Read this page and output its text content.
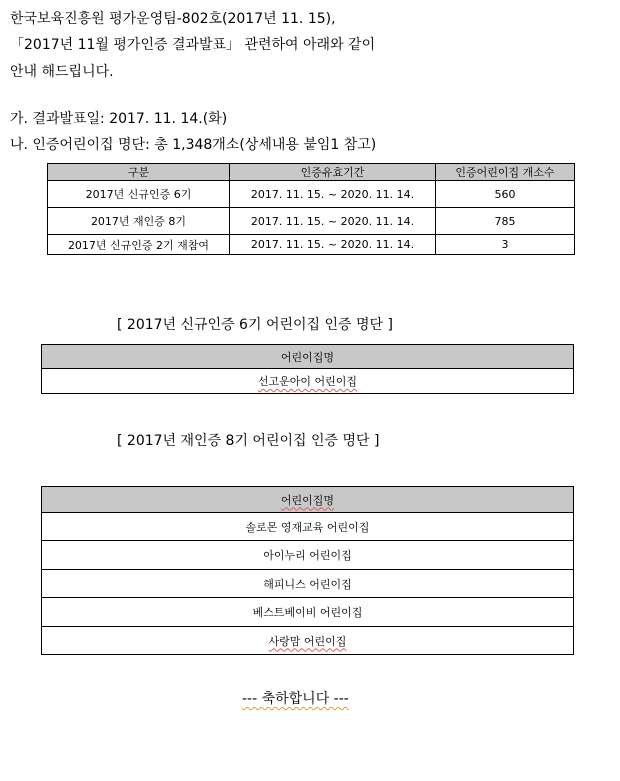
한국보육진흥원 평가운영팀-802호(2017년 11. 15),
「2017년 11월 평가인증 결과발표」 관련하여 아래와 같이
안내 해드립니다.
가. 결과발표일: 2017. 11. 14.(화)
나. 인증어린이집 명단: 총 1,348개소(상세내용 붙임1 참고)
구분	인증유효기간	인증어린이집 개소수
2017년 신규인증 6기	2017. 11. 15. ~ 2020. 11. 14.	560
2017년 재인증 8기	2017. 11. 15. ~ 2020. 11. 14.	785
2017년 신규인증 2기 재참여	2017. 11. 15. ~ 2020. 11. 14.	3
[ 2017년 신규인증 6기 어린이집 인증 명단 ]
어린이집명
선고운아이 어린이집
[ 2017년 재인증 8기 어린이집 인증 명단 ]
어린이집명
솔로몬 영재교육 어린이집
아이누리 어린이집
해피니스 어린이집
베스트베이비 어린이집
사랑맘 어린이집
--- 축하합니다 ---
